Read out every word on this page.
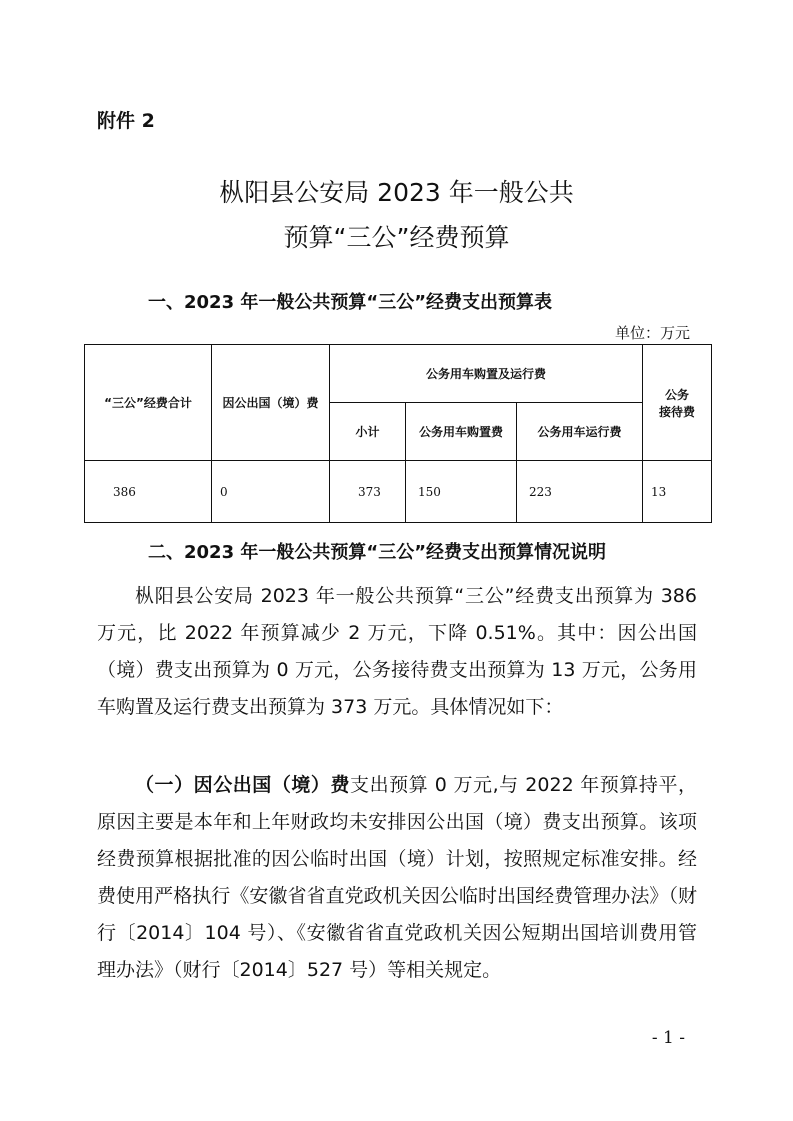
附件 2
枞阳县公安局 2023 年一般公共
预算“三公”经费预算
一、2023 年一般公共预算“三公”经费支出预算表
单位：万元
“三公”经费合计	因公出国（境）费	公务用车购置及运行费			公务
接待费
		小计	公务用车购置费	公务用车运行费	
386	0	373	150	223	13
二、2023 年一般公共预算“三公”经费支出预算情况说明

枞阳县公安局 2023 年一般公共预算“三公”经费支出预算为 386 万元，比 2022 年预算减少 2 万元，下降 0.51%。其中：因公出国（境）费支出预算为 0 万元，公务接待费支出预算为 13 万元，公务用车购置及运行费支出预算为 373 万元。具体情况如下：

（一）因公出国（境）费支出预算 0 万元,与 2022 年预算持平，原因主要是本年和上年财政均未安排因公出国（境）费支出预算。该项经费预算根据批准的因公临时出国（境）计划，按照规定标准安排。经费使用严格执行《安徽省省直党政机关因公临时出国经费管理办法》（财行〔2014〕104 号）、《安徽省省直党政机关因公短期出国培训费用管理办法》（财行〔2014〕527 号）等相关规定。

- 1 -
